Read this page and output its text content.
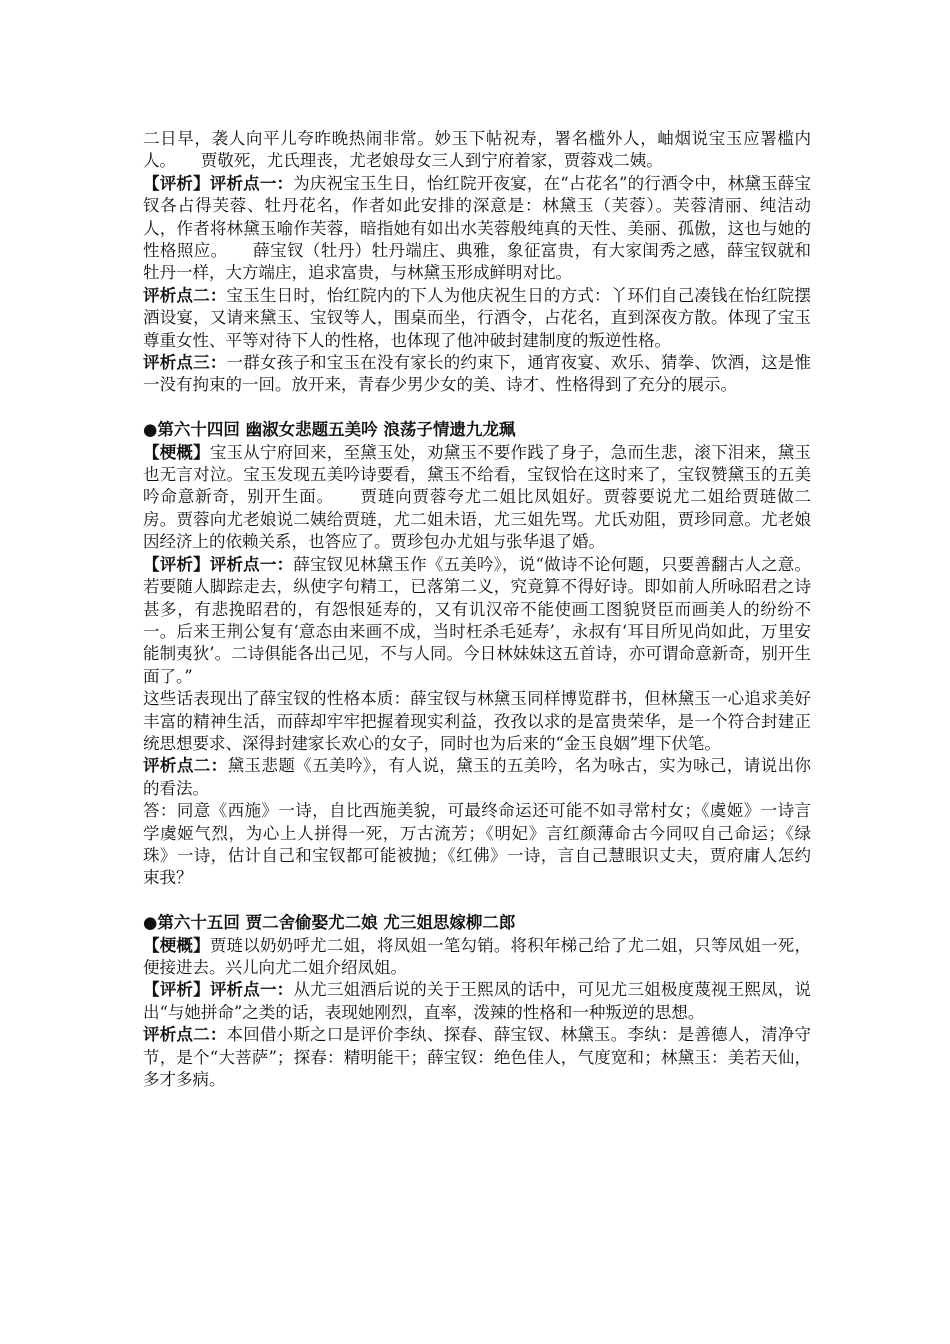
二日早，袭人向平儿夸昨晚热闹非常。妙玉下帖祝寿，署名槛外人，岫烟说宝玉应署槛内人。　　贾敬死，尤氏理丧，尤老娘母女三人到宁府着家，贾蓉戏二姨。

【评析】评析点一：为庆祝宝玉生日，怡红院开夜宴，在“占花名”的行酒令中，林黛玉薛宝钗各占得芙蓉、牡丹花名，作者如此安排的深意是：林黛玉（芙蓉）。芙蓉清丽、纯洁动人，作者将林黛玉喻作芙蓉，暗指她有如出水芙蓉般纯真的天性、美丽、孤傲，这也与她的性格照应。　　薛宝钗（牡丹）牡丹端庄、典雅，象征富贵，有大家闺秀之感，薛宝钗就和牡丹一样，大方端庄，追求富贵，与林黛玉形成鲜明对比。

评析点二：宝玉生日时，怡红院内的下人为他庆祝生日的方式：丫环们自己凑钱在怡红院摆酒设宴，又请来黛玉、宝钗等人，围桌而坐，行酒令，占花名，直到深夜方散。体现了宝玉尊重女性、平等对待下人的性格，也体现了他冲破封建制度的叛逆性格。

评析点三：一群女孩子和宝玉在没有家长的约束下，通宵夜宴、欢乐、猜拳、饮酒，这是惟一没有拘束的一回。放开来，青春少男少女的美、诗才、性格得到了充分的展示。

●第六十四回 幽淑女悲题五美吟 浪荡子情遗九龙珮

【梗概】宝玉从宁府回来，至黛玉处，劝黛玉不要作践了身子，急而生悲，滚下泪来，黛玉也无言对泣。宝玉发现五美吟诗要看，黛玉不给看，宝钗恰在这时来了，宝钗赞黛玉的五美吟命意新奇，别开生面。　　贾琏向贾蓉夸尤二姐比凤姐好。贾蓉要说尤二姐给贾琏做二房。贾蓉向尤老娘说二姨给贾琏，尤二姐未语，尤三姐先骂。尤氏劝阻，贾珍同意。尤老娘因经济上的依赖关系，也答应了。贾珍包办尤姐与张华退了婚。

【评析】评析点一：薛宝钗见林黛玉作《五美吟》，说“做诗不论何题，只要善翻古人之意。若要随人脚踪走去，纵使字句精工，已落第二义，究竟算不得好诗。即如前人所咏昭君之诗甚多，有悲挽昭君的，有怨恨延寿的，又有讥汉帝不能使画工图貌贤臣而画美人的纷纷不一。后来王荆公复有‘意态由来画不成，当时枉杀毛延寿’，永叔有‘耳目所见尚如此，万里安能制夷狄’。二诗俱能各出己见，不与人同。今日林妹妹这五首诗，亦可谓命意新奇，别开生面了。”

这些话表现出了薛宝钗的性格本质：薛宝钗与林黛玉同样博览群书，但林黛玉一心追求美好丰富的精神生活，而薛却牢牢把握着现实利益，孜孜以求的是富贵荣华，是一个符合封建正统思想要求、深得封建家长欢心的女子，同时也为后来的“金玉良姻”埋下伏笔。

评析点二：黛玉悲题《五美吟》，有人说，黛玉的五美吟，名为咏古，实为咏己，请说出你的看法。

答：同意《西施》一诗，自比西施美貌，可最终命运还可能不如寻常村女；《虞姬》一诗言学虞姬气烈，为心上人拼得一死，万古流芳；《明妃》言红颜薄命古今同叹自己命运；《绿珠》一诗，估计自己和宝钗都可能被抛；《红佛》一诗，言自己慧眼识丈夫，贾府庸人怎约束我？

●第六十五回 贾二舍偷娶尤二娘 尤三姐思嫁柳二郎

【梗概】贾琏以奶奶呼尤二姐，将凤姐一笔勾销。将积年梯己给了尤二姐，只等凤姐一死，便接进去。兴儿向尤二姐介绍凤姐。

【评析】评析点一：从尤三姐酒后说的关于王熙凤的话中，可见尤三姐极度蔑视王熙凤，说出“与她拼命”之类的话，表现她刚烈，直率，泼辣的性格和一种叛逆的思想。

评析点二：本回借小斯之口是评价李纨、探春、薛宝钗、林黛玉。李纨：是善德人，清净守节，是个“大菩萨”；探春：精明能干；薛宝钗：绝色佳人，气度宽和；林黛玉：美若天仙，多才多病。
